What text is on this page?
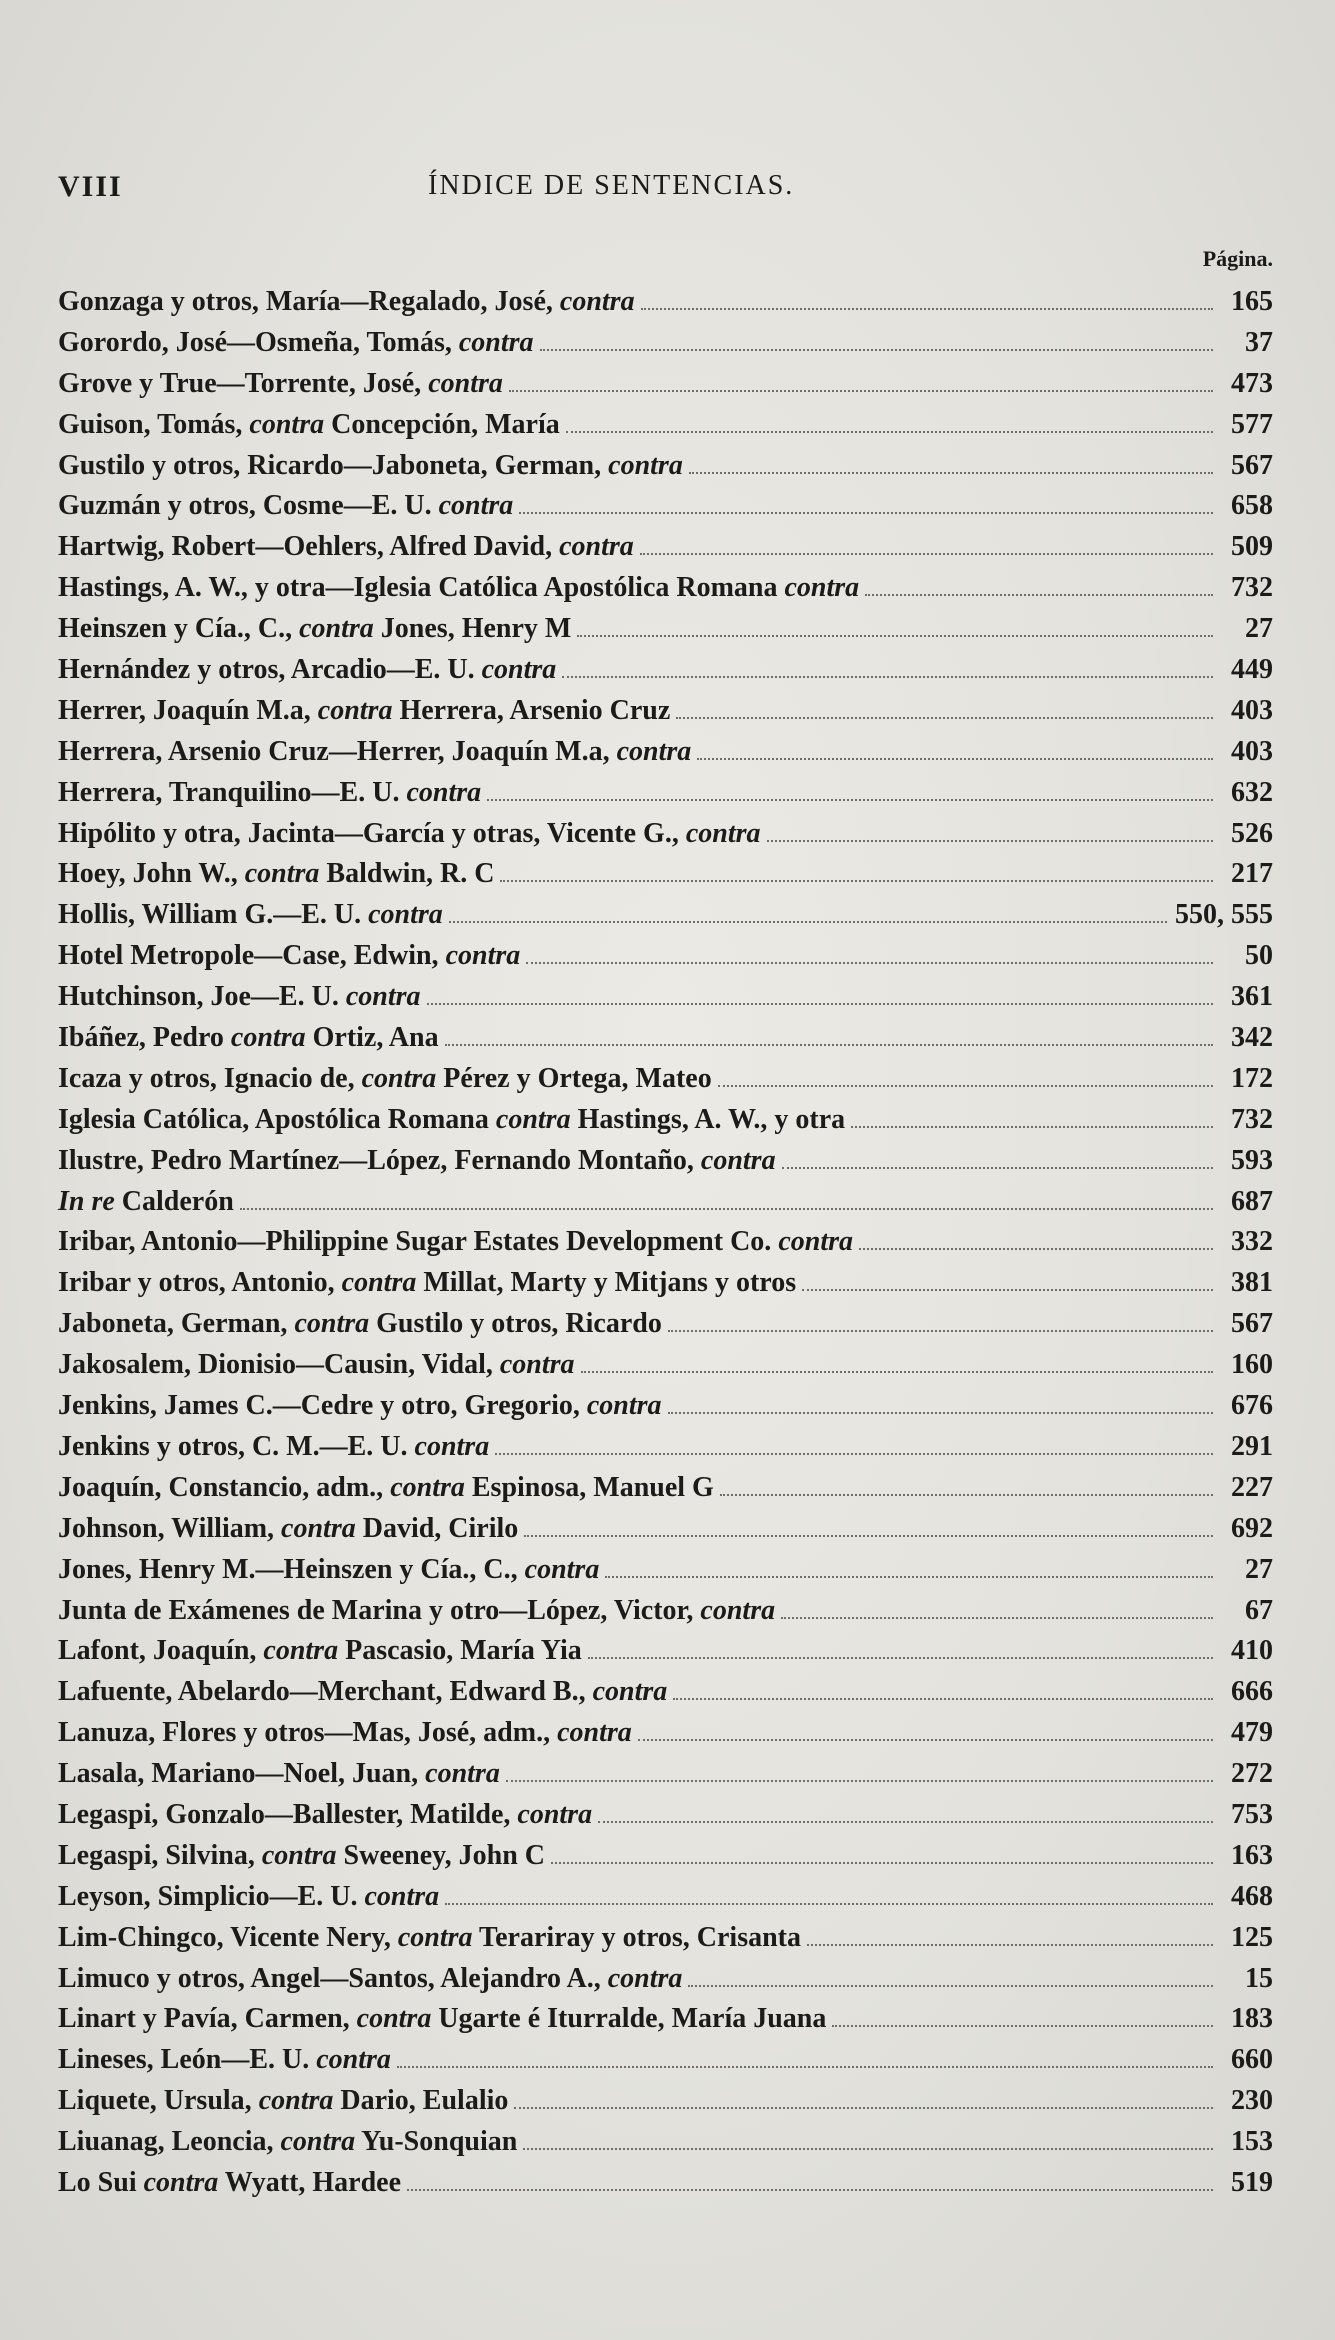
VIII	ÍNDICE DE SENTENCIAS.
Página.
Gonzaga y otros, María—Regalado, José, contra	165
Gorordo, José—Osmeña, Tomás, contra	37
Grove y True—Torrente, José, contra	473
Guison, Tomás, contra Concepción, María	577
Gustilo y otros, Ricardo—Jaboneta, German, contra	567
Guzmán y otros, Cosme—E. U. contra	658
Hartwig, Robert—Oehlers, Alfred David, contra	509
Hastings, A. W., y otra—Iglesia Católica Apostólica Romana contra	732
Heinszen y Cía., C., contra Jones, Henry M	27
Hernández y otros, Arcadio—E. U. contra	449
Herrer, Joaquín M.a, contra Herrera, Arsenio Cruz	403
Herrera, Arsenio Cruz—Herrer, Joaquín M.a, contra	403
Herrera, Tranquilino—E. U. contra	632
Hipólito y otra, Jacinta—García y otras, Vicente G., contra	526
Hoey, John W., contra Baldwin, R. C	217
Hollis, William G.—E. U. contra	550, 555
Hotel Metropole—Case, Edwin, contra	50
Hutchinson, Joe—E. U. contra	361
Ibáñez, Pedro contra Ortiz, Ana	342
Icaza y otros, Ignacio de, contra Pérez y Ortega, Mateo	172
Iglesia Católica, Apostólica Romana contra Hastings, A. W., y otra	732
Ilustre, Pedro Martínez—López, Fernando Montaño, contra	593
In re Calderón	687
Iribar, Antonio—Philippine Sugar Estates Development Co. contra	332
Iribar y otros, Antonio, contra Millat, Marty y Mitjans y otros	381
Jaboneta, German, contra Gustilo y otros, Ricardo	567
Jakosalem, Dionisio—Causin, Vidal, contra	160
Jenkins, James C.—Cedre y otro, Gregorio, contra	676
Jenkins y otros, C. M.—E. U. contra	291
Joaquín, Constancio, adm., contra Espinosa, Manuel G	227
Johnson, William, contra David, Cirilo	692
Jones, Henry M.—Heinszen y Cía., C., contra	27
Junta de Exámenes de Marina y otro—López, Victor, contra	67
Lafont, Joaquín, contra Pascasio, María Yia	410
Lafuente, Abelardo—Merchant, Edward B., contra	666
Lanuza, Flores y otros—Mas, José, adm., contra	479
Lasala, Mariano—Noel, Juan, contra	272
Legaspi, Gonzalo—Ballester, Matilde, contra	753
Legaspi, Silvina, contra Sweeney, John C	163
Leyson, Simplicio—E. U. contra	468
Lim-Chingco, Vicente Nery, contra Terariray y otros, Crisanta	125
Limuco y otros, Angel—Santos, Alejandro A., contra	15
Linart y Pavía, Carmen, contra Ugarte é Iturralde, María Juana	183
Lineses, León—E. U. contra	660
Liquete, Ursula, contra Dario, Eulalio	230
Liuanag, Leoncia, contra Yu-Sonquian	153
Lo Sui contra Wyatt, Hardee	519
